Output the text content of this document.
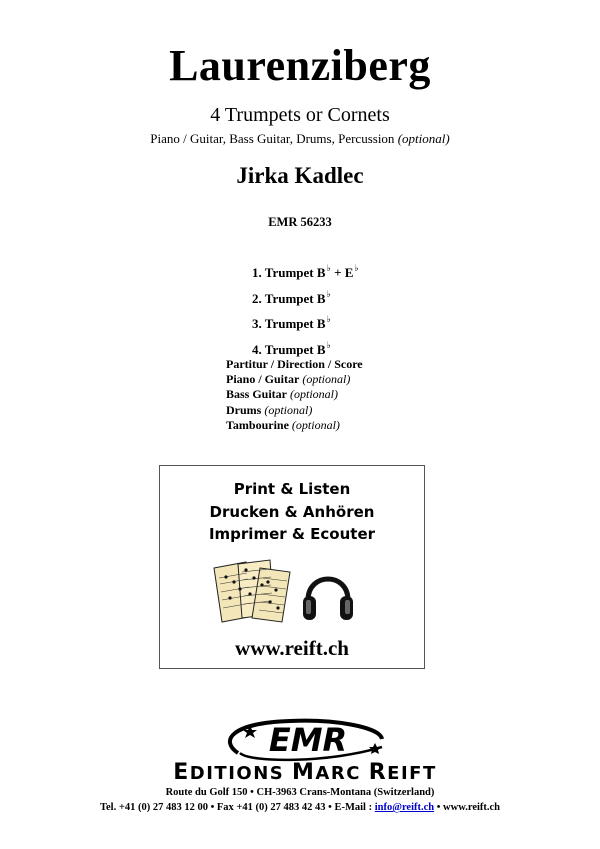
Laurenziberg
4 Trumpets or Cornets
Piano / Guitar, Bass Guitar, Drums, Percussion (optional)
Jirka Kadlec
EMR 56233
1. Trumpet B♭ + E♭
2. Trumpet B♭
3. Trumpet B♭
4. Trumpet B♭
Partitur / Direction / Score
Piano / Guitar (optional)
Bass Guitar (optional)
Drums (optional)
Tambourine (optional)
Print & Listen
Drucken & Anhören
Imprimer & Ecouter
www.reift.ch
EMR
EDITIONS MARC REIFT
Route du Golf 150 • CH-3963 Crans-Montana (Switzerland)
Tel. +41 (0) 27 483 12 00 • Fax +41 (0) 27 483 42 43 • E-Mail : info@reift.ch • www.reift.ch
